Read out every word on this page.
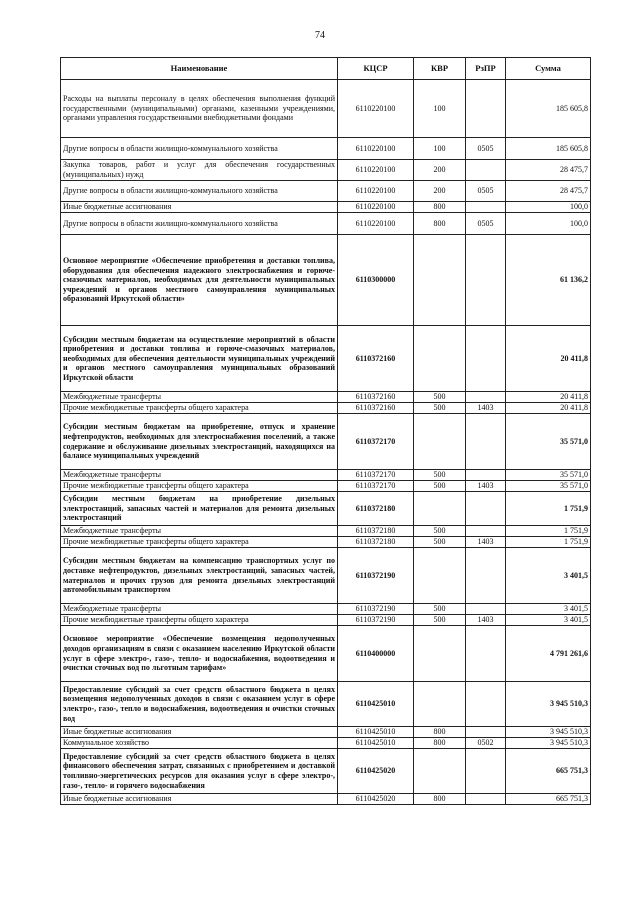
74
Наименование	КЦСР	КВР	РзПР	Сумма
Расходы на выплаты персоналу в целях обеспечения выполнения функций государственными (муниципальными) органами, казенными учреждениями, органами управления государственными внебюджетными фондами	6110220100	100		185 605,8
Другие вопросы в области жилищно-коммунального хозяйства	6110220100	100	0505	185 605,8
Закупка товаров, работ и услуг для обеспечения государственных (муниципальных) нужд	6110220100	200		28 475,7
Другие вопросы в области жилищно-коммунального хозяйства	6110220100	200	0505	28 475,7
Иные бюджетные ассигнования	6110220100	800		100,0
Другие вопросы в области жилищно-коммунального хозяйства	6110220100	800	0505	100,0
Основное мероприятие «Обеспечение приобретения и доставки топлива, оборудования для обеспечения надежного электроснабжения и горюче-смазочных материалов, необходимых для деятельности муниципальных учреждений и органов местного самоуправления муниципальных образований Иркутской области»	6110300000			61 136,2
Субсидии местным бюджетам на осуществление мероприятий в области приобретения и доставки топлива и горюче-смазочных материалов, необходимых для обеспечения деятельности муниципальных учреждений и органов местного самоуправления муниципальных образований Иркутской области	6110372160			20 411,8
Межбюджетные трансферты	6110372160	500		20 411,8
Прочие межбюджетные трансферты общего характера	6110372160	500	1403	20 411,8
Субсидии местным бюджетам на приобретение, отпуск и хранение нефтепродуктов, необходимых для электроснабжения поселений, а также содержание и обслуживание дизельных электростанций, находящихся на балансе муниципальных учреждений	6110372170			35 571,0
Межбюджетные трансферты	6110372170	500		35 571,0
Прочие межбюджетные трансферты общего характера	6110372170	500	1403	35 571,0
Субсидии местным бюджетам на приобретение дизельных электростанций, запасных частей и материалов для ремонта дизельных электростанций	6110372180			1 751,9
Межбюджетные трансферты	6110372180	500		1 751,9
Прочие межбюджетные трансферты общего характера	6110372180	500	1403	1 751,9
Субсидии местным бюджетам на компенсацию транспортных услуг по доставке нефтепродуктов, дизельных электростанций, запасных частей, материалов и прочих грузов для ремонта дизельных электростанций автомобильным транспортом	6110372190			3 401,5
Межбюджетные трансферты	6110372190	500		3 401,5
Прочие межбюджетные трансферты общего характера	6110372190	500	1403	3 401,5
Основное мероприятие «Обеспечение возмещения недополученных доходов организациям в связи с оказанием населению Иркутской области услуг в сфере электро-, газо-, тепло- и водоснабжения, водоотведения и очистки сточных вод по льготным тарифам»	6110400000			4 791 261,6
Предоставление субсидий за счет средств областного бюджета в целях возмещения недополученных доходов в связи с оказанием услуг в сфере электро-, газо-, тепло и водоснабжения, водоотведения и очистки сточных вод	6110425010			3 945 510,3
Иные бюджетные ассигнования	6110425010	800		3 945 510,3
Коммунальное хозяйство	6110425010	800	0502	3 945 510,3
Предоставление субсидий за счет средств областного бюджета в целях финансового обеспечения затрат, связанных с приобретением и доставкой топливно-энергетических ресурсов для оказания услуг в сфере электро-, газо-, тепло- и горячего водоснабжения	6110425020			665 751,3
Иные бюджетные ассигнования	6110425020	800		665 751,3
